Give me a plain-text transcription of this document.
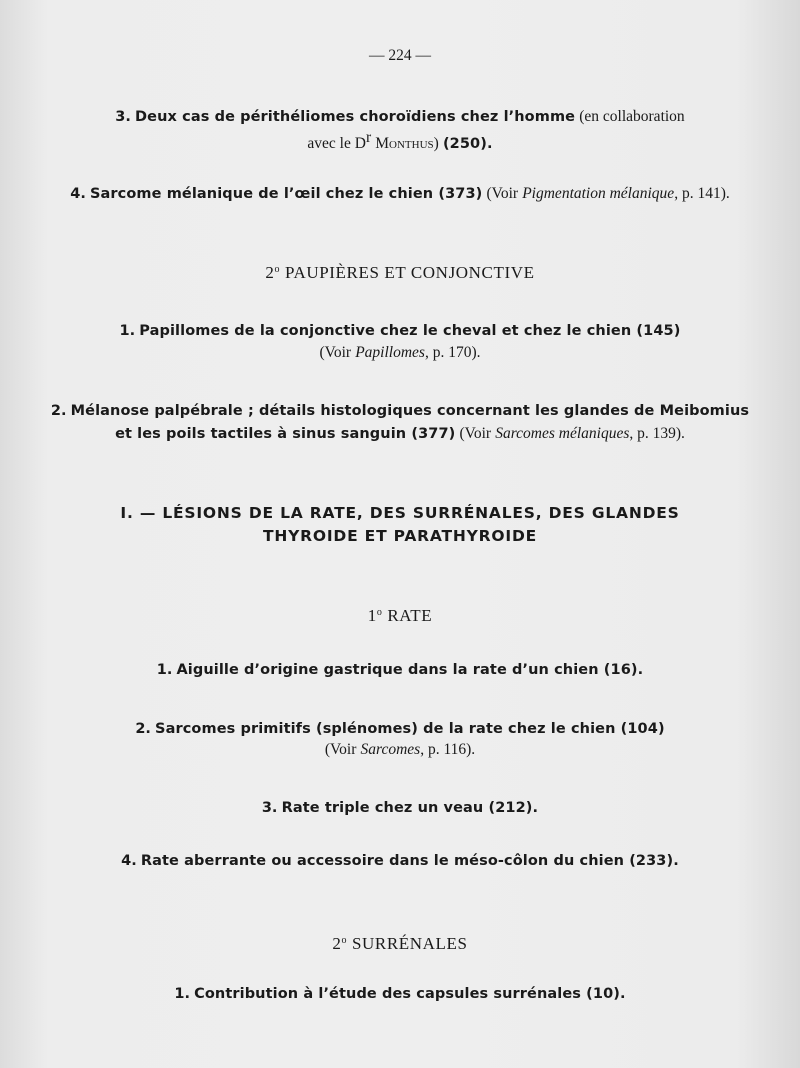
— 224 —
3. Deux cas de périthéliomes choroïdiens chez l’homme (en collaboration
avec le $D^r$ Monthus) (250).
4. Sarcome mélanique de l’œil chez le chien (373) (Voir Pigmentation mélanique, p. 141).
2$^o$ PAUPIÈRES ET CONJONCTIVE
1. Papillomes de la conjonctive chez le cheval et chez le chien (145)
(Voir Papillomes, p. 170).
2. Mélanose palpébrale ; détails histologiques concernant les glandes de Meibomius
et les poils tactiles à sinus sanguin (377) (Voir Sarcomes mélaniques, p. 139).
I. — LÉSIONS DE LA RATE, DES SURRÉNALES, DES GLANDES
THYROIDE ET PARATHYROIDE
1$^o$ RATE
1. Aiguille d’origine gastrique dans la rate d’un chien (16).
2. Sarcomes primitifs (splénomes) de la rate chez le chien (104)
(Voir Sarcomes, p. 116).
3. Rate triple chez un veau (212).
4. Rate aberrante ou accessoire dans le méso-côlon du chien (233).
2$^o$ SURRÉNALES
1. Contribution à l’étude des capsules surrénales (10).
